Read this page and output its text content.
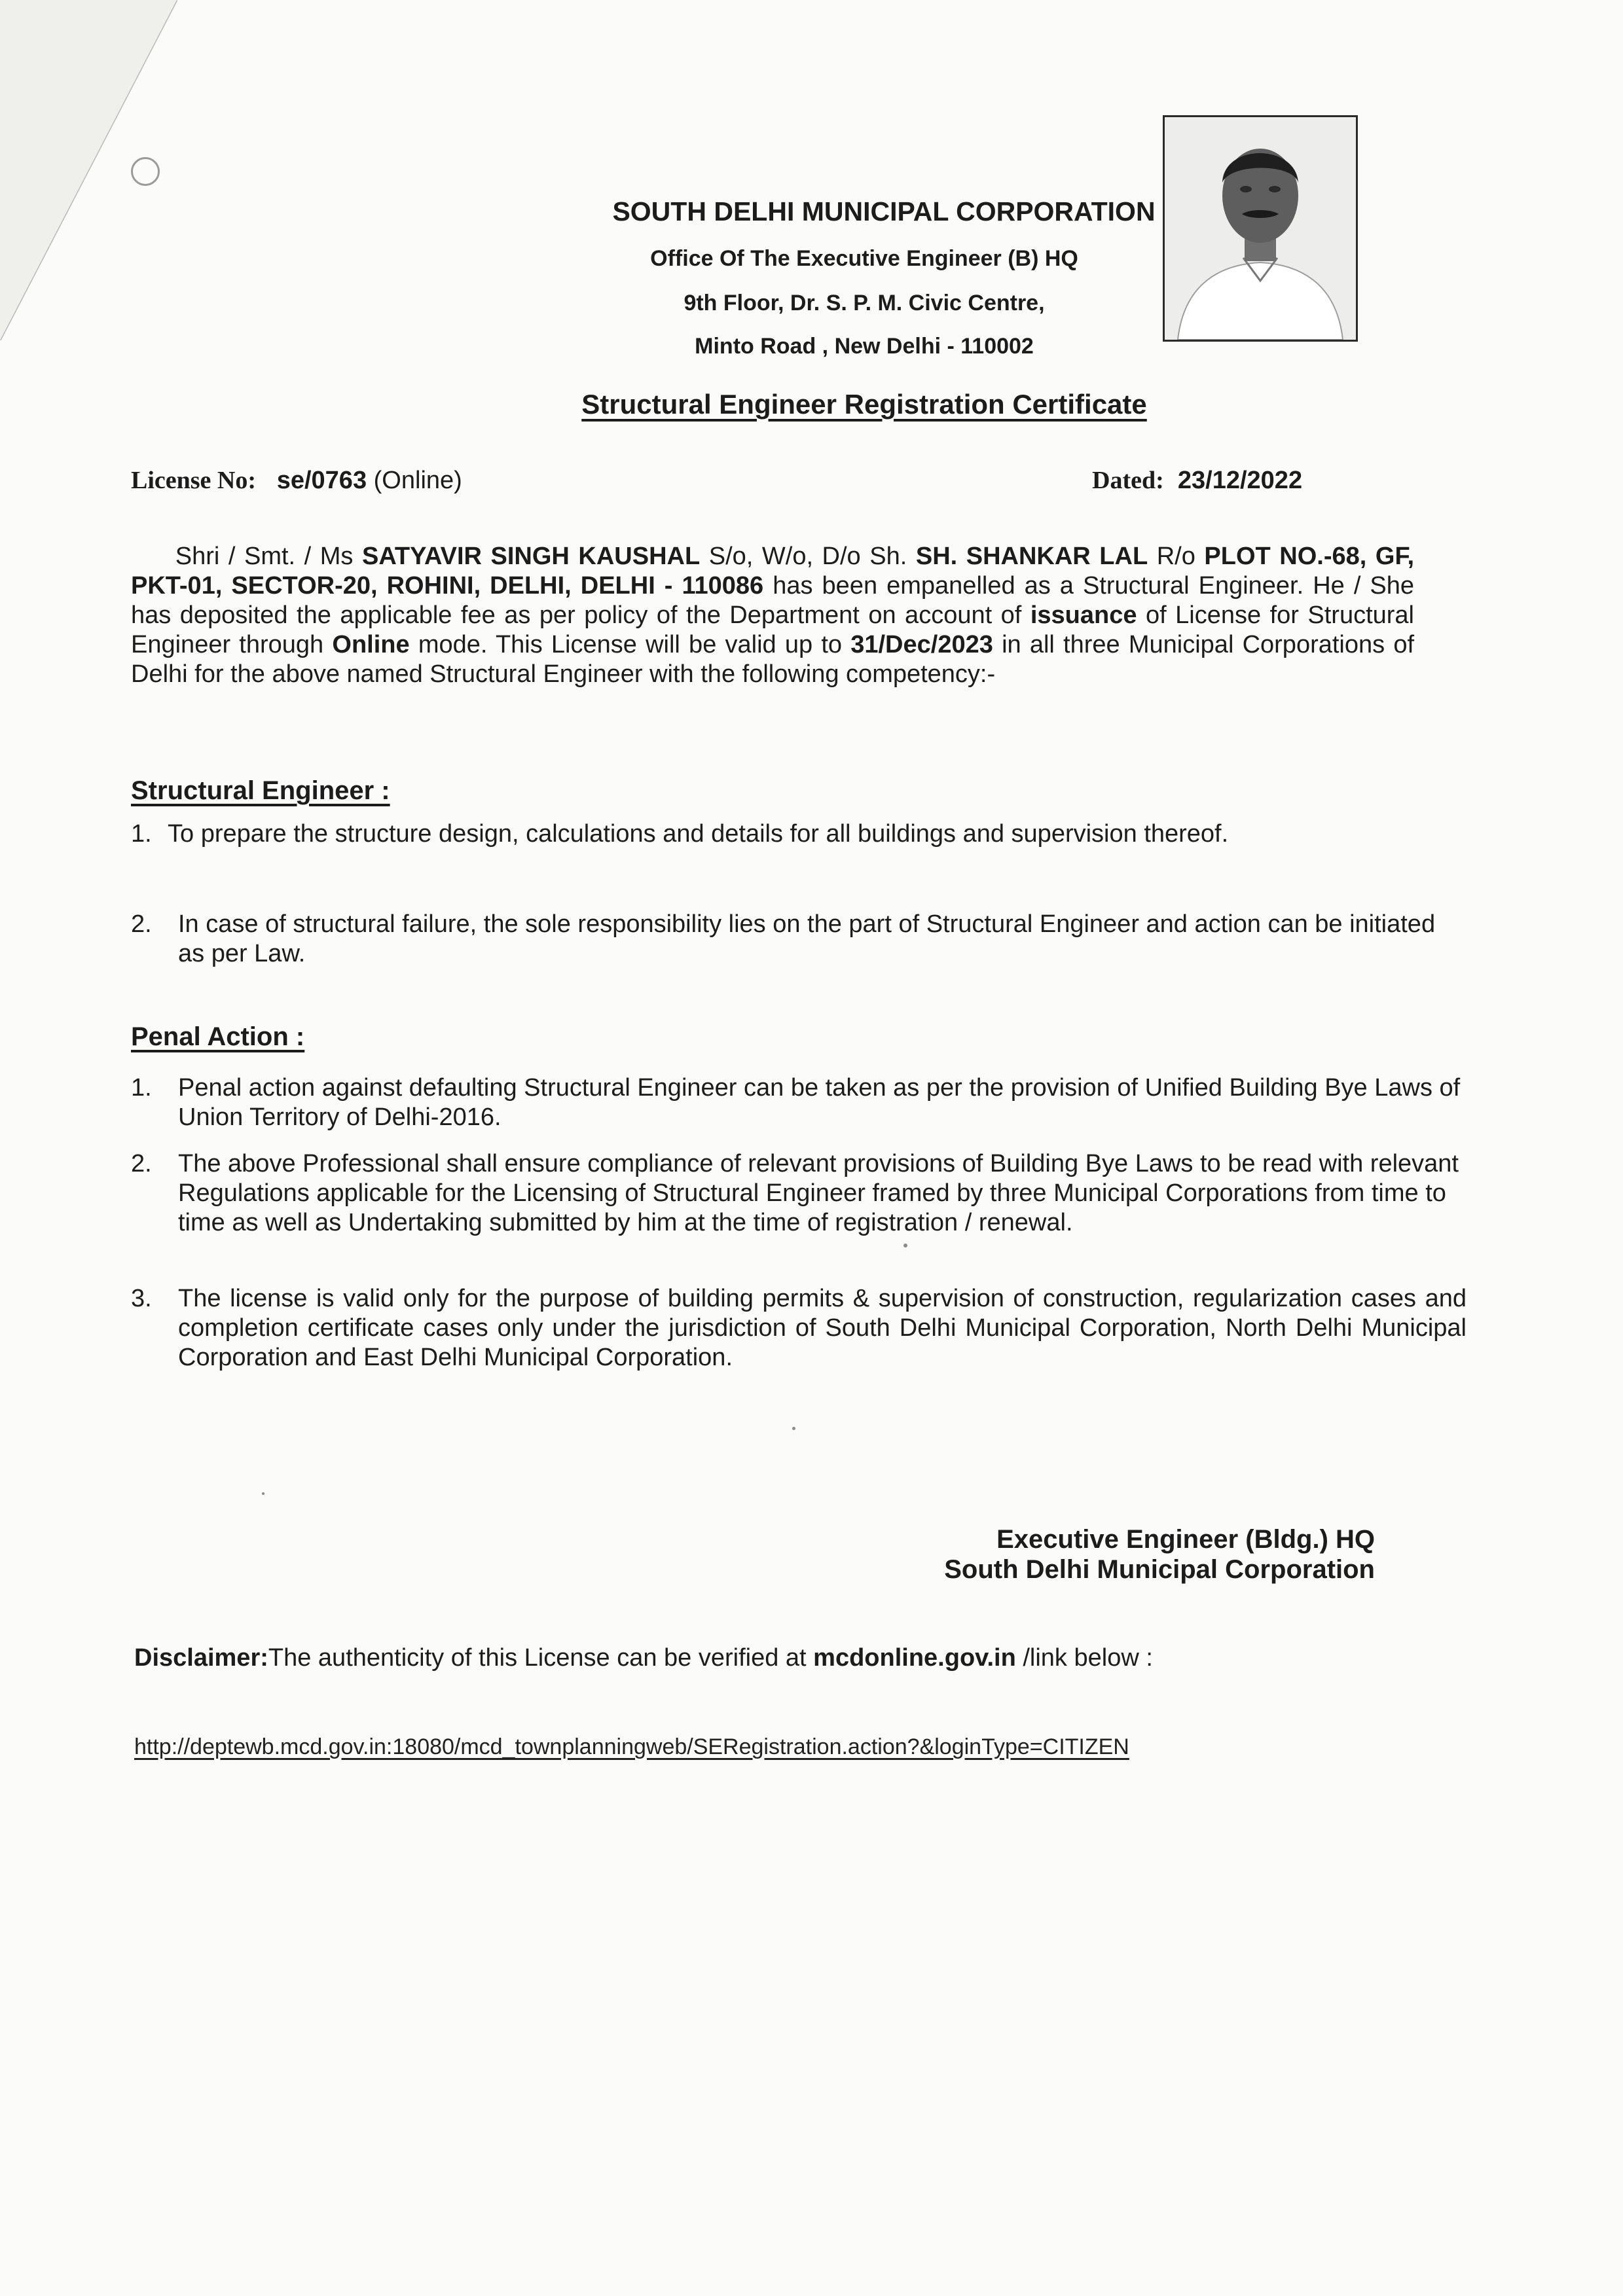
SOUTH DELHI MUNICIPAL CORPORATION
Office Of The Executive Engineer (B) HQ
9th Floor, Dr. S. P. M. Civic Centre,
Minto Road , New Delhi - 110002
Structural Engineer Registration Certificate
License No: se/0763 (Online)	Dated: 23/12/2022
Shri / Smt. / Ms SATYAVIR SINGH KAUSHAL S/o, W/o, D/o Sh. SH. SHANKAR LAL R/o PLOT NO.-68, GF, PKT-01, SECTOR-20, ROHINI, DELHI, DELHI - 110086 has been empanelled as a Structural Engineer. He / She has deposited the applicable fee as per policy of the Department on account of issuance of License for Structural Engineer through Online mode. This License will be valid up to 31/Dec/2023 in all three Municipal Corporations of Delhi for the above named Structural Engineer with the following competency:-
Structural Engineer :
1. To prepare the structure design, calculations and details for all buildings and supervision thereof.
2. In case of structural failure, the sole responsibility lies on the part of Structural Engineer and action can be initiated as per Law.
Penal Action :
1. Penal action against defaulting Structural Engineer can be taken as per the provision of Unified Building Bye Laws of Union Territory of Delhi-2016.
2. The above Professional shall ensure compliance of relevant provisions of Building Bye Laws to be read with relevant Regulations applicable for the Licensing of Structural Engineer framed by three Municipal Corporations from time to time as well as Undertaking submitted by him at the time of registration / renewal.
3. The license is valid only for the purpose of building permits & supervision of construction, regularization cases and completion certificate cases only under the jurisdiction of South Delhi Municipal Corporation, North Delhi Municipal Corporation and East Delhi Municipal Corporation.
Executive Engineer (Bldg.) HQ
South Delhi Municipal Corporation
Disclaimer:The authenticity of this License can be verified at mcdonline.gov.in /link below :
http://deptewb.mcd.gov.in:18080/mcd_townplanningweb/SERegistration.action?&loginType=CITIZEN
